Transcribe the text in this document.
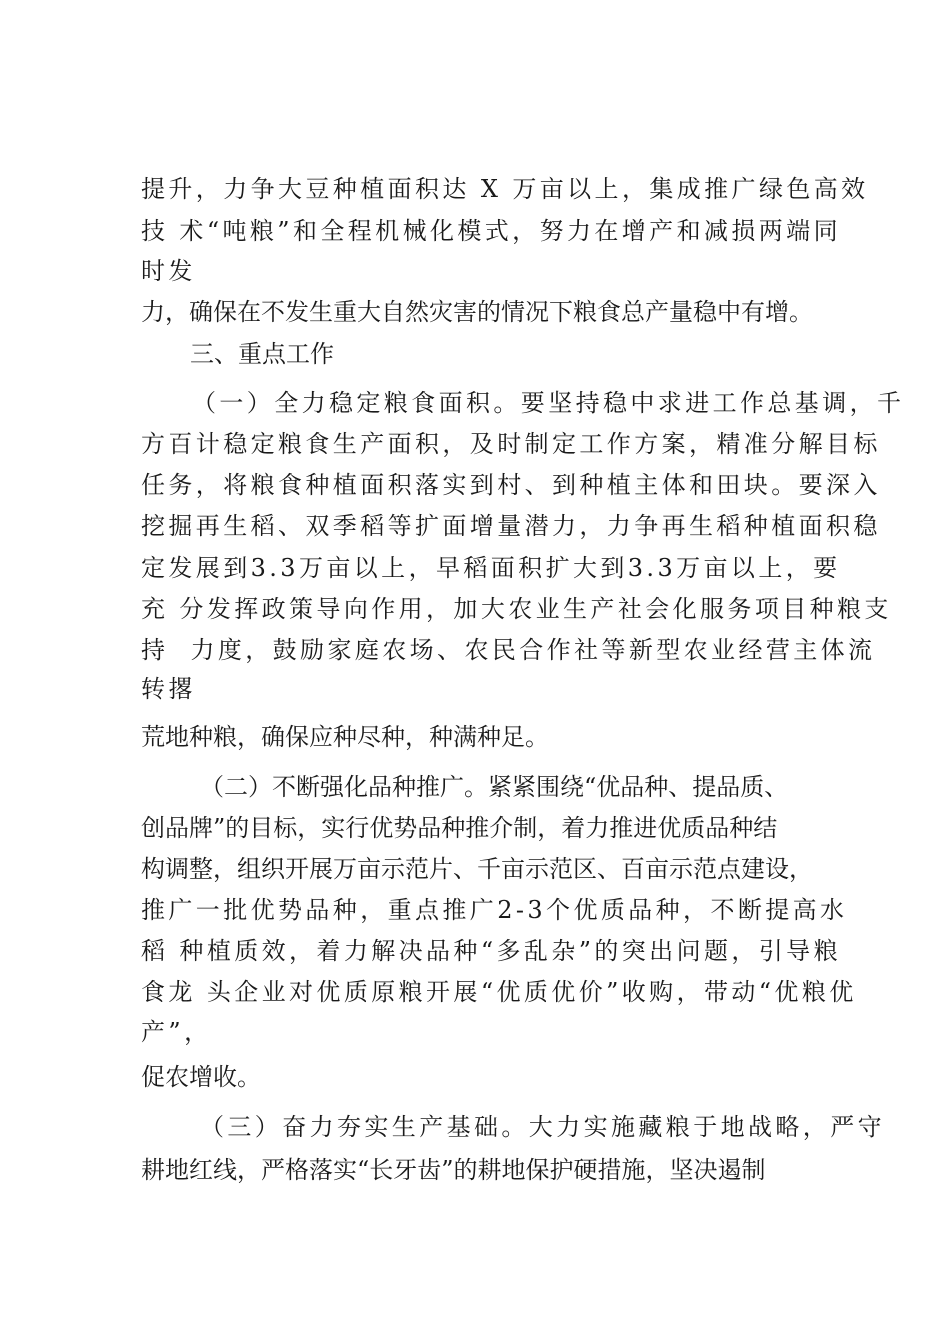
提升，力争大豆种植面积达 X 万亩以上，集成推广绿色高效
技 术“吨粮”和全程机械化模式，努力在增产和减损两端同
时发
力，确保在不发生重大自然灾害的情况下粮食总产量稳中有增。
三、重点工作
（一）全力稳定粮食面积。要坚持稳中求进工作总基调，千
方百计稳定粮食生产面积，及时制定工作方案，精准分解目标
任务，将粮食种植面积落实到村、到种植主体和田块。要深入
挖掘再生稻、双季稻等扩面增量潜力，力争再生稻种植面积稳
定发展到3.3万亩以上，早稻面积扩大到3.3万亩以上，要
充 分发挥政策导向作用，加大农业生产社会化服务项目种粮支
持  力度，鼓励家庭农场、农民合作社等新型农业经营主体流
转撂
荒地种粮，确保应种尽种，种满种足。
（二）不断强化品种推广。紧紧围绕“优品种、提品质、
创品牌”的目标，实行优势品种推介制，着力推进优质品种结
构调整，组织开展万亩示范片、千亩示范区、百亩示范点建设，
推广一批优势品种，重点推广2-3个优质品种，不断提高水
稻 种植质效，着力解决品种“多乱杂”的突出问题，引导粮
食龙 头企业对优质原粮开展“优质优价”收购，带动“优粮优
产”，
促农增收。
（三）奋力夯实生产基础。大力实施藏粮于地战略，严守
耕地红线，严格落实“长牙齿”的耕地保护硬措施，坚决遏制
